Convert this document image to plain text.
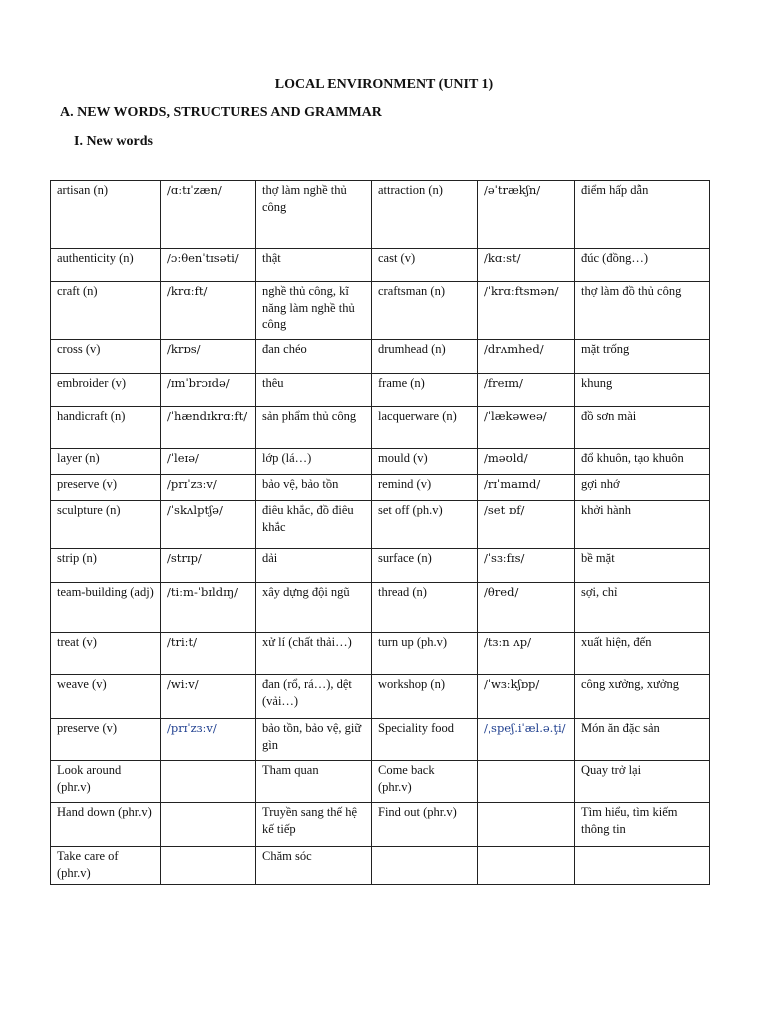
LOCAL ENVIRONMENT (UNIT 1)
A. NEW WORDS, STRUCTURES AND GRAMMAR
I. New words
artisan (n)	/ɑːtɪˈzæn/	thợ làm nghề thủ công	attraction (n)	/əˈtrækʃn/	điểm hấp dẫn
authenticity (n)	/ɔːθenˈtɪsəti/	thật	cast (v)	/kɑːst/	đúc (đồng…)
craft (n)	/krɑːft/	nghề thủ công, kĩ năng làm nghề thủ công	craftsman (n)	/ˈkrɑːftsmən/	thợ làm đồ thủ công
cross (v)	/krɒs/	đan chéo	drumhead (n)	/drʌmhed/	mặt trống
embroider (v)	/ɪmˈbrɔɪdə/	thêu	frame (n)	/freɪm/	khung
handicraft (n)	/ˈhændɪkrɑːft/	sản phẩm thủ công	lacquerware (n)	/ˈlækəweə/	đồ sơn mài
layer (n)	/ˈleɪə/	lớp (lá…)	mould (v)	/məʊld/	đổ khuôn, tạo khuôn
preserve (v)	/prɪˈzɜːv/	bảo vệ, bảo tồn	remind (v)	/rɪˈmaɪnd/	gợi nhớ
sculpture (n)	/ˈskʌlptʃə/	điêu khắc, đồ điêu khắc	set off (ph.v)	/set ɒf/	khởi hành
strip (n)	/strɪp/	dải	surface (n)	/ˈsɜːfɪs/	bề mặt
team-building (adj)	/tiːm-ˈbɪldɪŋ/	xây dựng đội ngũ	thread (n)	/θred/	sợi, chỉ
treat (v)	/triːt/	xử lí (chất thải…)	turn up (ph.v)	/tɜːn ʌp/	xuất hiện, đến
weave (v)	/wiːv/	đan (rổ, rá…), dệt (vải…)	workshop (n)	/ˈwɜːkʃɒp/	công xưởng, xưởng
preserve (v)	/prɪˈzɜːv/	bảo tồn, bảo vệ, giữ gìn	Speciality food	/ˌspeʃ.iˈæl.ə.ţi/	Món ăn đặc sản
Look around (phr.v)		Tham quan	Come back (phr.v)		Quay trở lại
Hand down (phr.v)		Truyền sang thế hệ kế tiếp	Find out (phr.v)		Tìm hiểu, tìm kiếm thông tin
Take care of (phr.v)		Chăm sóc			
